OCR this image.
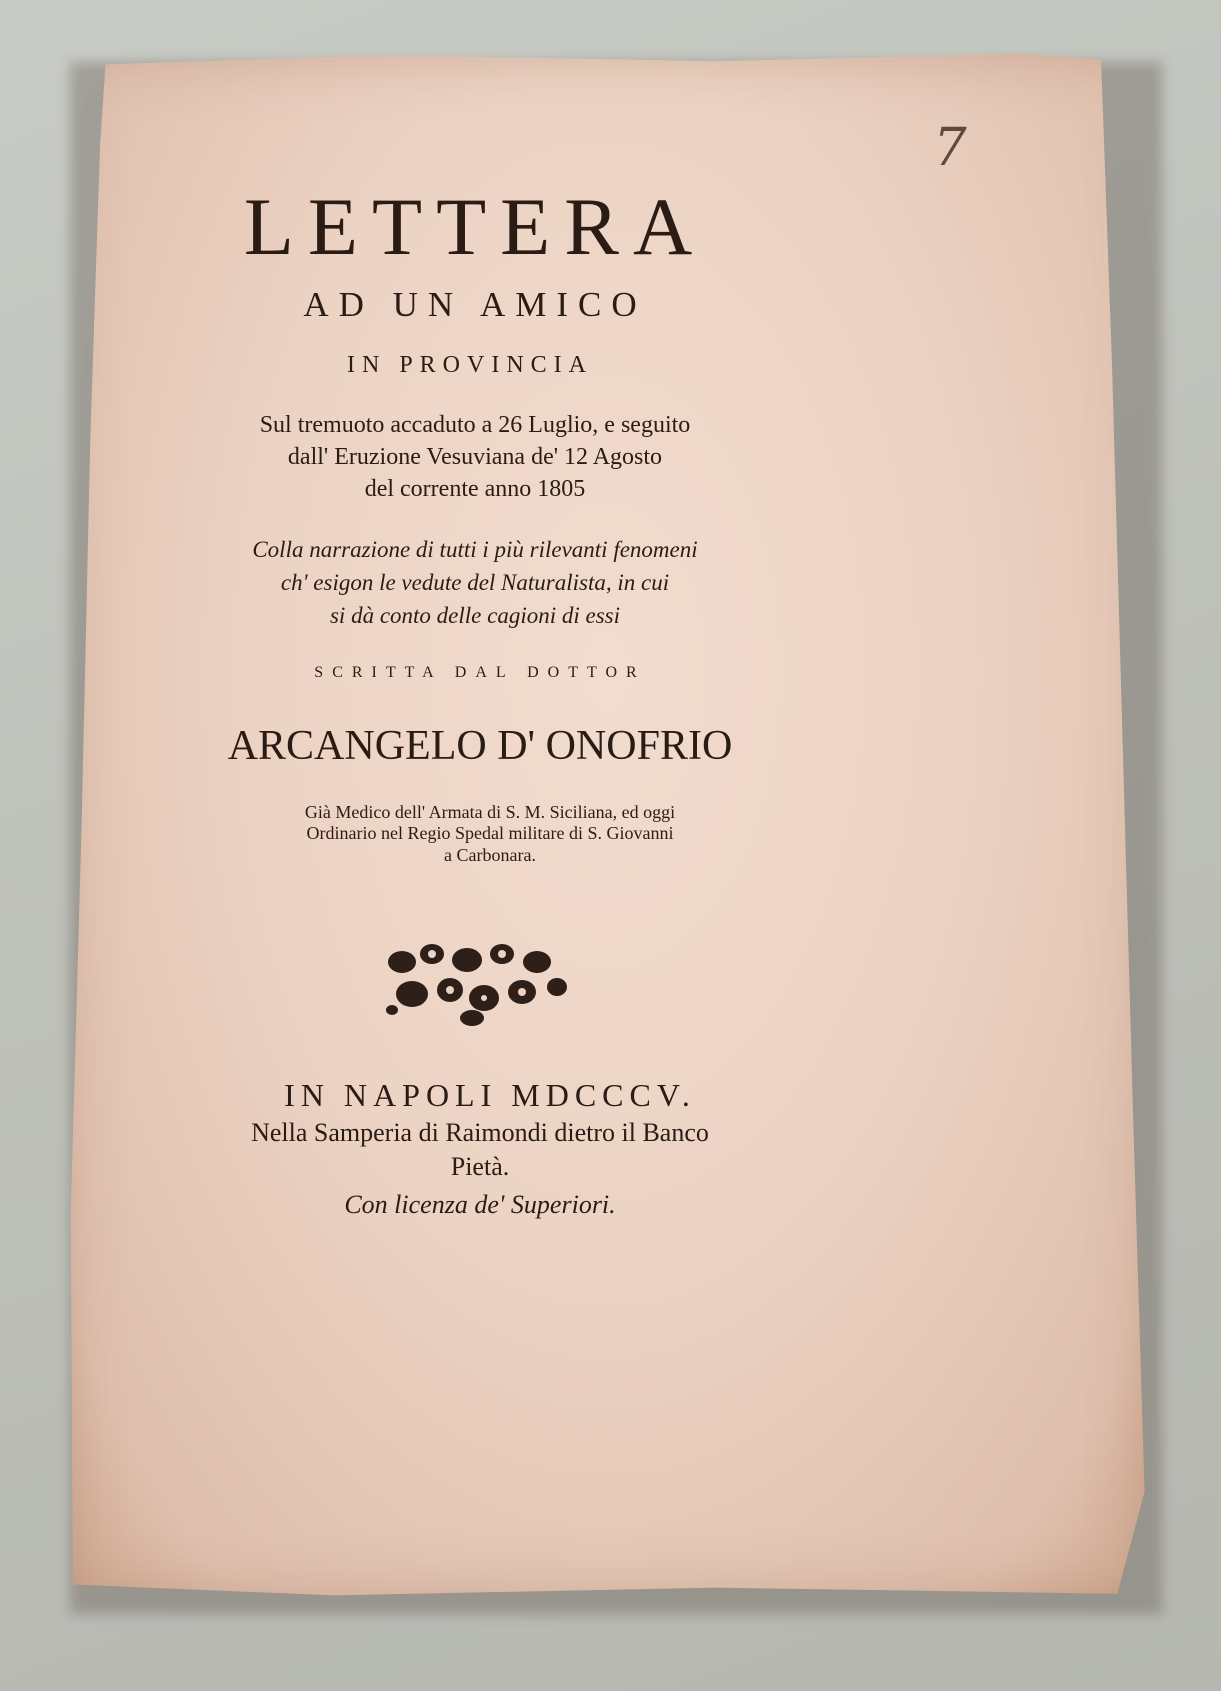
7
LETTERA
AD UN AMICO
IN PROVINCIA
Sul tremuoto accaduto a 26 Luglio, e seguito
dall' Eruzione Vesuviana de' 12 Agosto
del corrente anno 1805
Colla narrazione di tutti i più rilevanti fenomeni
ch' esigon le vedute del Naturalista, in cui
si dà conto delle cagioni di essi
SCRITTA DAL DOTTOR
ARCANGELO D' ONOFRIO
Già Medico dell' Armata di S. M. Siciliana, ed oggi
Ordinario nel Regio Spedal militare di S. Giovanni
a Carbonara.
IN NAPOLI MDCCCV.
Nella Samperia di Raimondi dietro il Banco
Pietà.
Con licenza de' Superiori.
